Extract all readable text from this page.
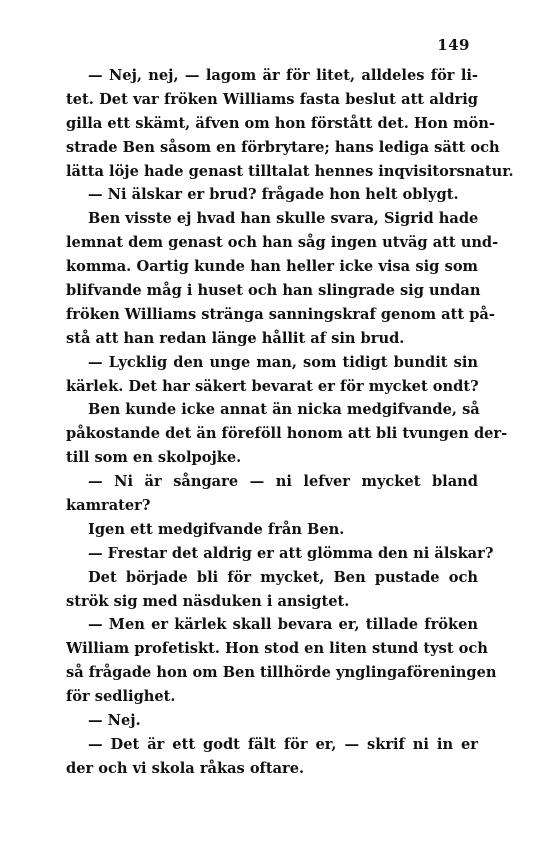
149
— Nej, nej, — lagom är för litet, alldeles för li-
tet. Det var fröken Williams fasta beslut att aldrig
gilla ett skämt, äfven om hon förstått det. Hon mön-
strade Ben såsom en förbrytare; hans lediga sätt och
lätta löje hade genast tilltalat hennes inqvisitorsnatur.
— Ni älskar er brud? frågade hon helt oblygt.
Ben visste ej hvad han skulle svara, Sigrid hade
lemnat dem genast och han såg ingen utväg att und-
komma. Oartig kunde han heller icke visa sig som
blifvande måg i huset och han slingrade sig undan
fröken Williams stränga sanningskraf genom att på-
stå att han redan länge hållit af sin brud.
— Lycklig den unge man, som tidigt bundit sin
kärlek. Det har säkert bevarat er för mycket ondt?
Ben kunde icke annat än nicka medgifvande, så
påkostande det än föreföll honom att bli tvungen der-
till som en skolpojke.
— Ni är sångare — ni lefver mycket bland
kamrater?
Igen ett medgifvande från Ben.
— Frestar det aldrig er att glömma den ni älskar?
Det började bli för mycket, Ben pustade och
strök sig med näsduken i ansigtet.
— Men er kärlek skall bevara er, tillade fröken
William profetiskt. Hon stod en liten stund tyst och
så frågade hon om Ben tillhörde ynglingaföreningen
för sedlighet.
— Nej.
— Det är ett godt fält för er, — skrif ni in er
der och vi skola råkas oftare.
